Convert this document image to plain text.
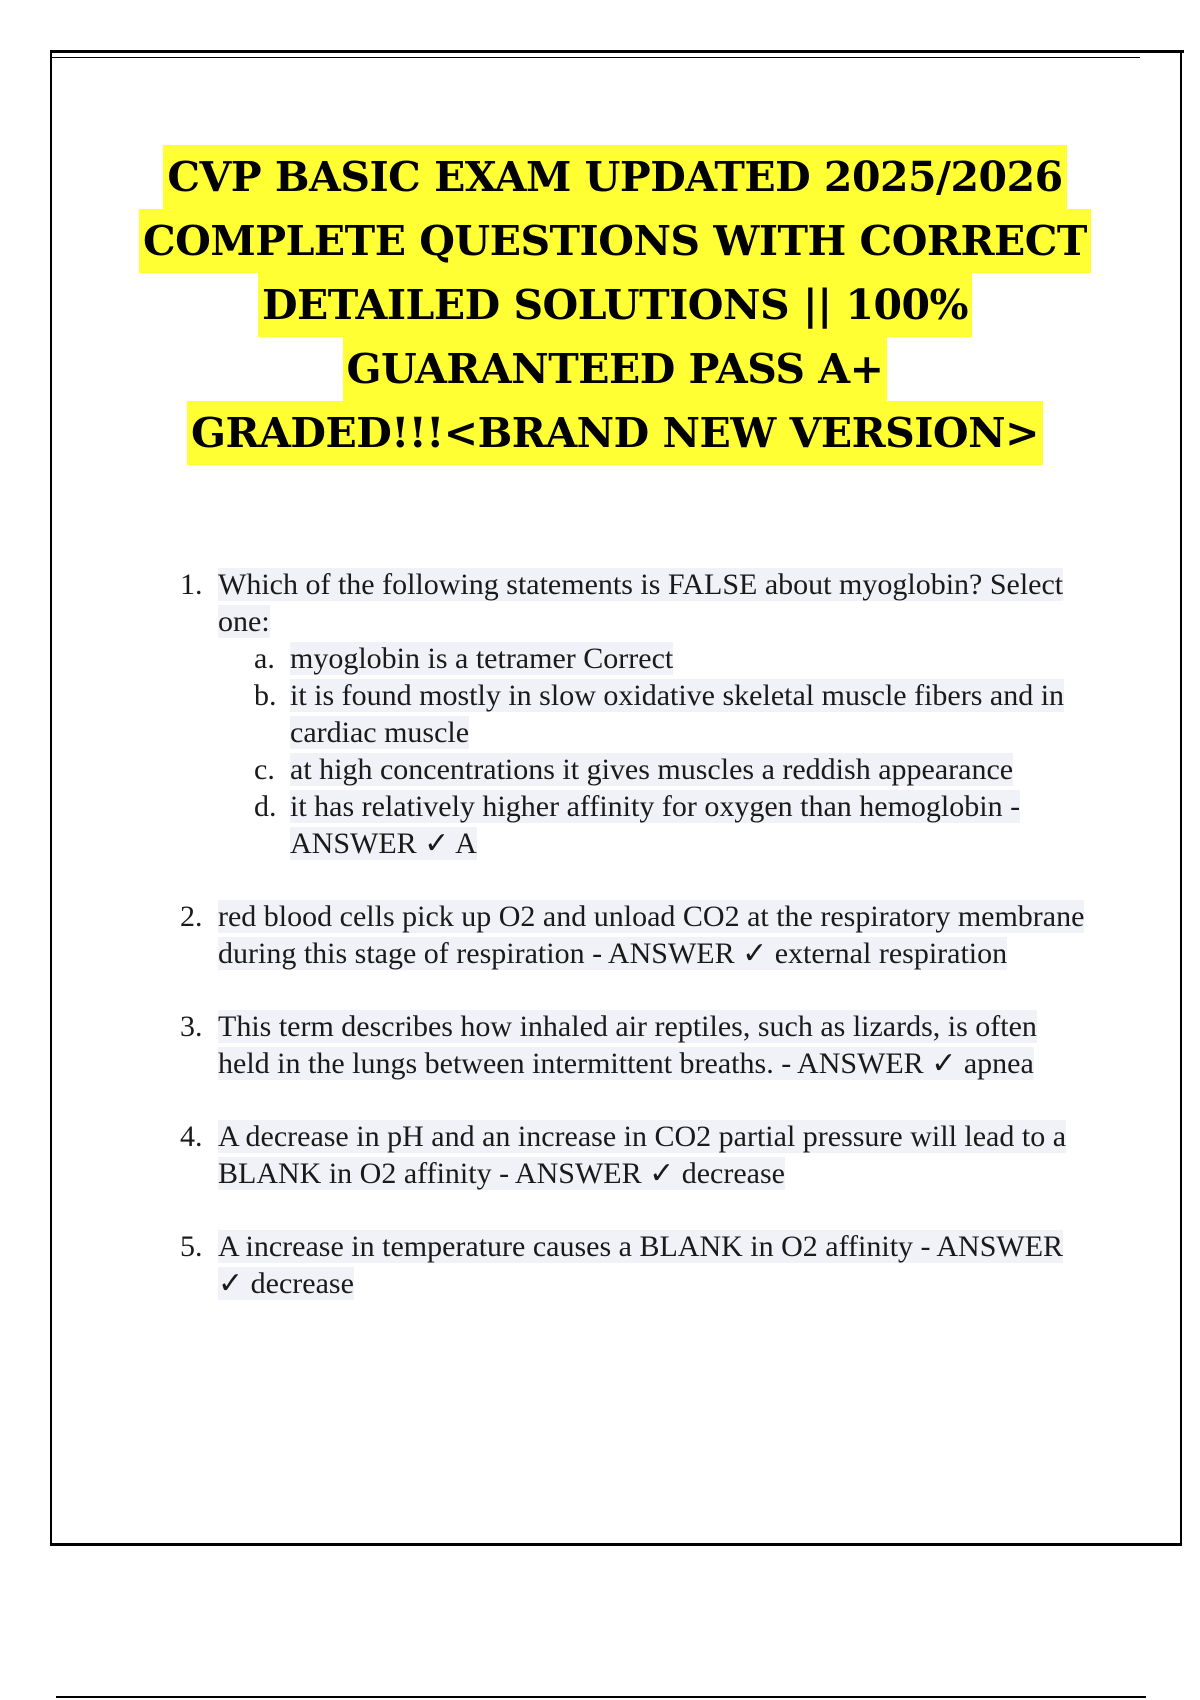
CVP BASIC EXAM UPDATED 2025/2026
COMPLETE QUESTIONS WITH CORRECT
DETAILED SOLUTIONS || 100%
GUARANTEED PASS A+
GRADED!!!<BRAND NEW VERSION>
1. Which of the following statements is FALSE about myoglobin? Select one:
a. myoglobin is a tetramer Correct
b. it is found mostly in slow oxidative skeletal muscle fibers and in cardiac muscle
c. at high concentrations it gives muscles a reddish appearance
d. it has relatively higher affinity for oxygen than hemoglobin - ANSWER ✓ A
2. red blood cells pick up O2 and unload CO2 at the respiratory membrane during this stage of respiration - ANSWER ✓ external respiration
3. This term describes how inhaled air reptiles, such as lizards, is often held in the lungs between intermittent breaths. - ANSWER ✓ apnea
4. A decrease in pH and an increase in CO2 partial pressure will lead to a BLANK in O2 affinity - ANSWER ✓ decrease
5. A increase in temperature causes a BLANK in O2 affinity - ANSWER ✓ decrease
